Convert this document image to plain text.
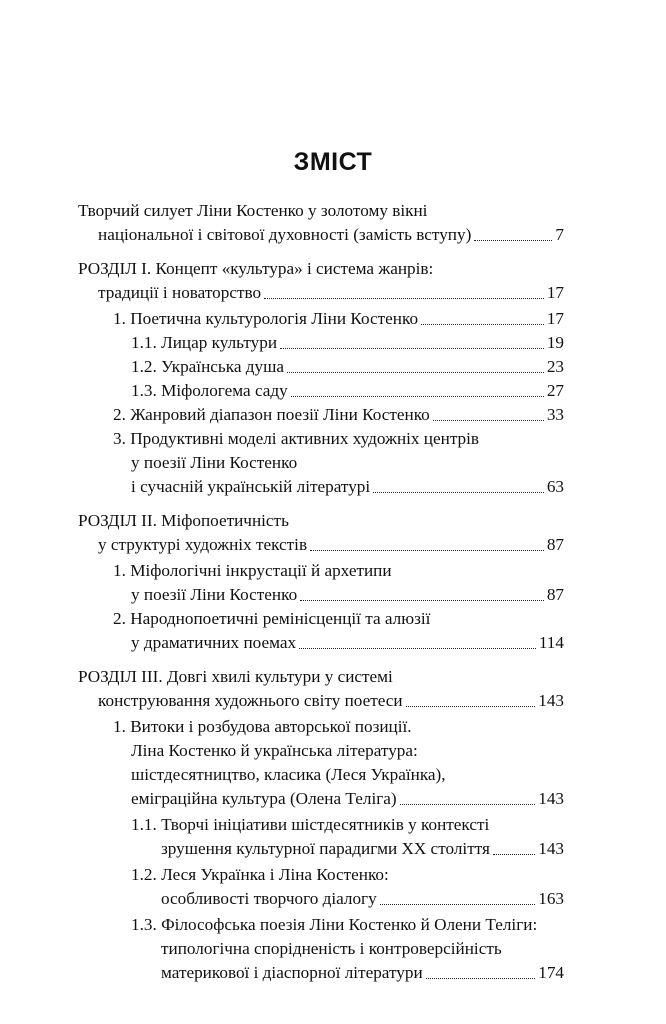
ЗМІСТ
Творчий силует Ліни Костенко у золотому вікні
національної і світової духовності (замість вступу)	7
РОЗДІЛ I. Концепт «культура» і система жанрів:
традиції і новаторство	17
1. Поетична культурологія Ліни Костенко	17
1.1. Лицар культури	19
1.2. Українська душа	23
1.3. Міфологема саду	27
2. Жанровий діапазон поезії Ліни Костенко	33
3. Продуктивні моделі активних художніх центрів
у поезії Ліни Костенко
і сучасній українській літературі	63
РОЗДІЛ II. Міфопоетичність
у структурі художніх текстів	87
1. Міфологічні інкрустації й архетипи
у поезії Ліни Костенко	87
2. Народнопоетичні ремінісценції та алюзії
у драматичних поемах	114
РОЗДІЛ III. Довгі хвилі культури у системі
конструювання художнього світу поетеси	143
1. Витоки і розбудова авторської позиції.
Ліна Костенко й українська література:
шістдесятництво, класика (Леся Українка),
еміграційна культура (Олена Теліга)	143
1.1. Творчі ініціативи шістдесятників у контексті
зрушення культурної парадигми XX століття	143
1.2. Леся Українка і Ліна Костенко:
особливості творчого діалогу	163
1.3. Філософська поезія Ліни Костенко й Олени Теліги:
типологічна спорідненість і контроверсійність
материкової і діаспорної літератури	174
